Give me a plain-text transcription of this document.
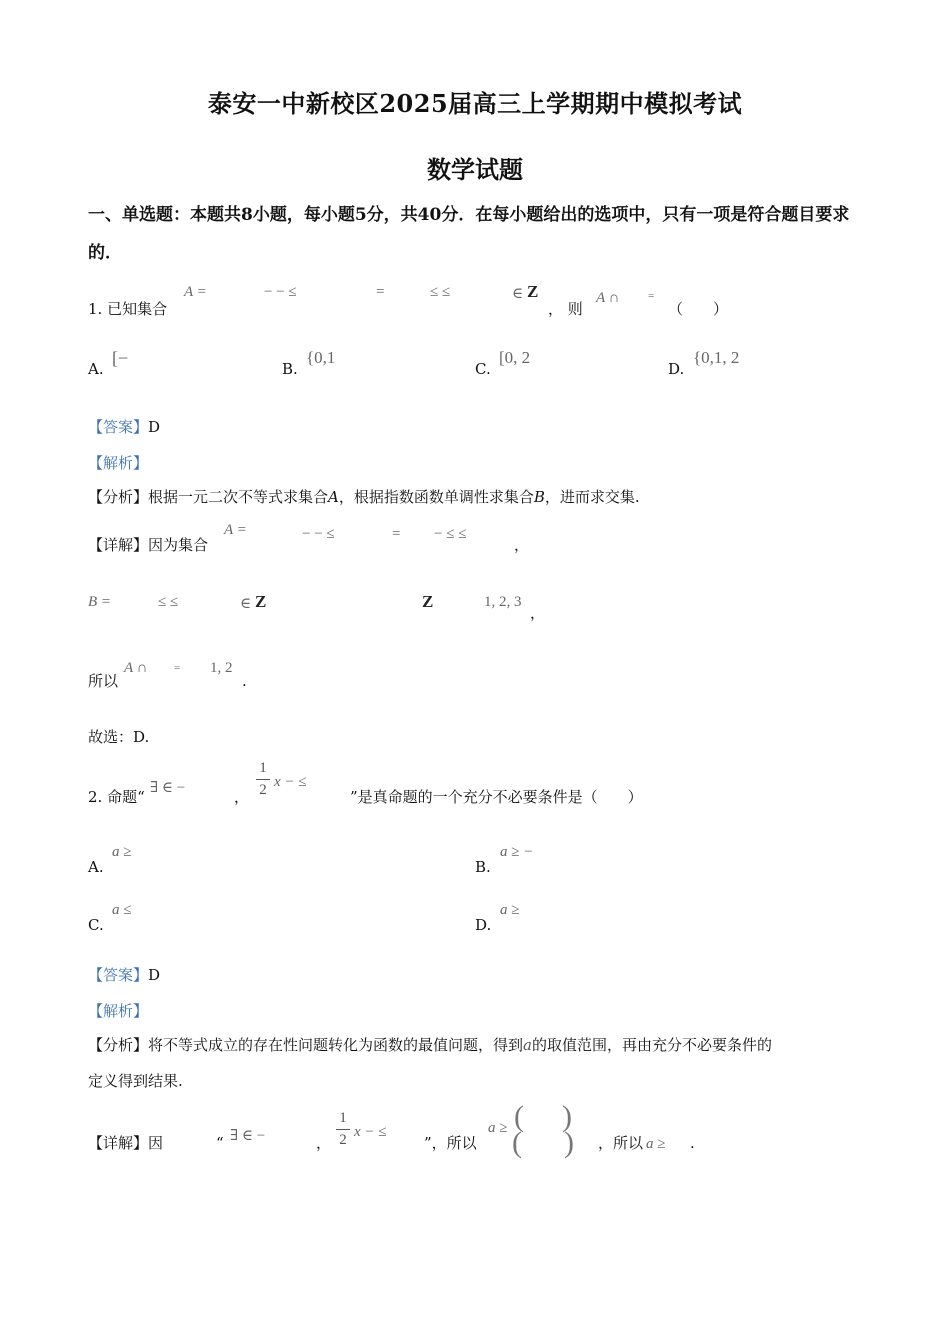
泰安一中新校区2025届高三上学期期中模拟考试
数学试题
一、单选题：本题共8小题，每小题5分，共40分．在每小题给出的选项中，只有一项是符合题目要求的．
1. 已知集合
A =	− − ≤	=	≤ ≤	∈ Z
， 则
A ∩	=
（　　）
A.
[−
B.
{0,1
C.
[0, 2
D.
{0,1, 2
【答案】D
【解析】
【分析】根据一元二次不等式求集合A，根据指数函数单调性求集合B，进而求交集.
【详解】因为集合
A =	− − ≤	= − ≤ ≤
，
B =	≤ ≤	∈ Z	Z	1, 2, 3
，
所以
A ∩ = 1, 2
.
故选：D.
2. 命题“ ∃ ∈ −	，
1
2 x − ≤
”是真命题的一个充分不必要条件是（　　）
A.
a ≥
B.
a ≥ −
C.
a ≤
D.
a ≥
【答案】D
【解析】
【分析】将不等式成立的存在性问题转化为函数的最值问题，得到a的取值范围，再由充分不必要条件的
定义得到结果.
【详解】因	“ ∃ ∈ −	，
1
2 x − ≤
”，所以
a ≥ (
(
)
) ，所以 a ≥ .
